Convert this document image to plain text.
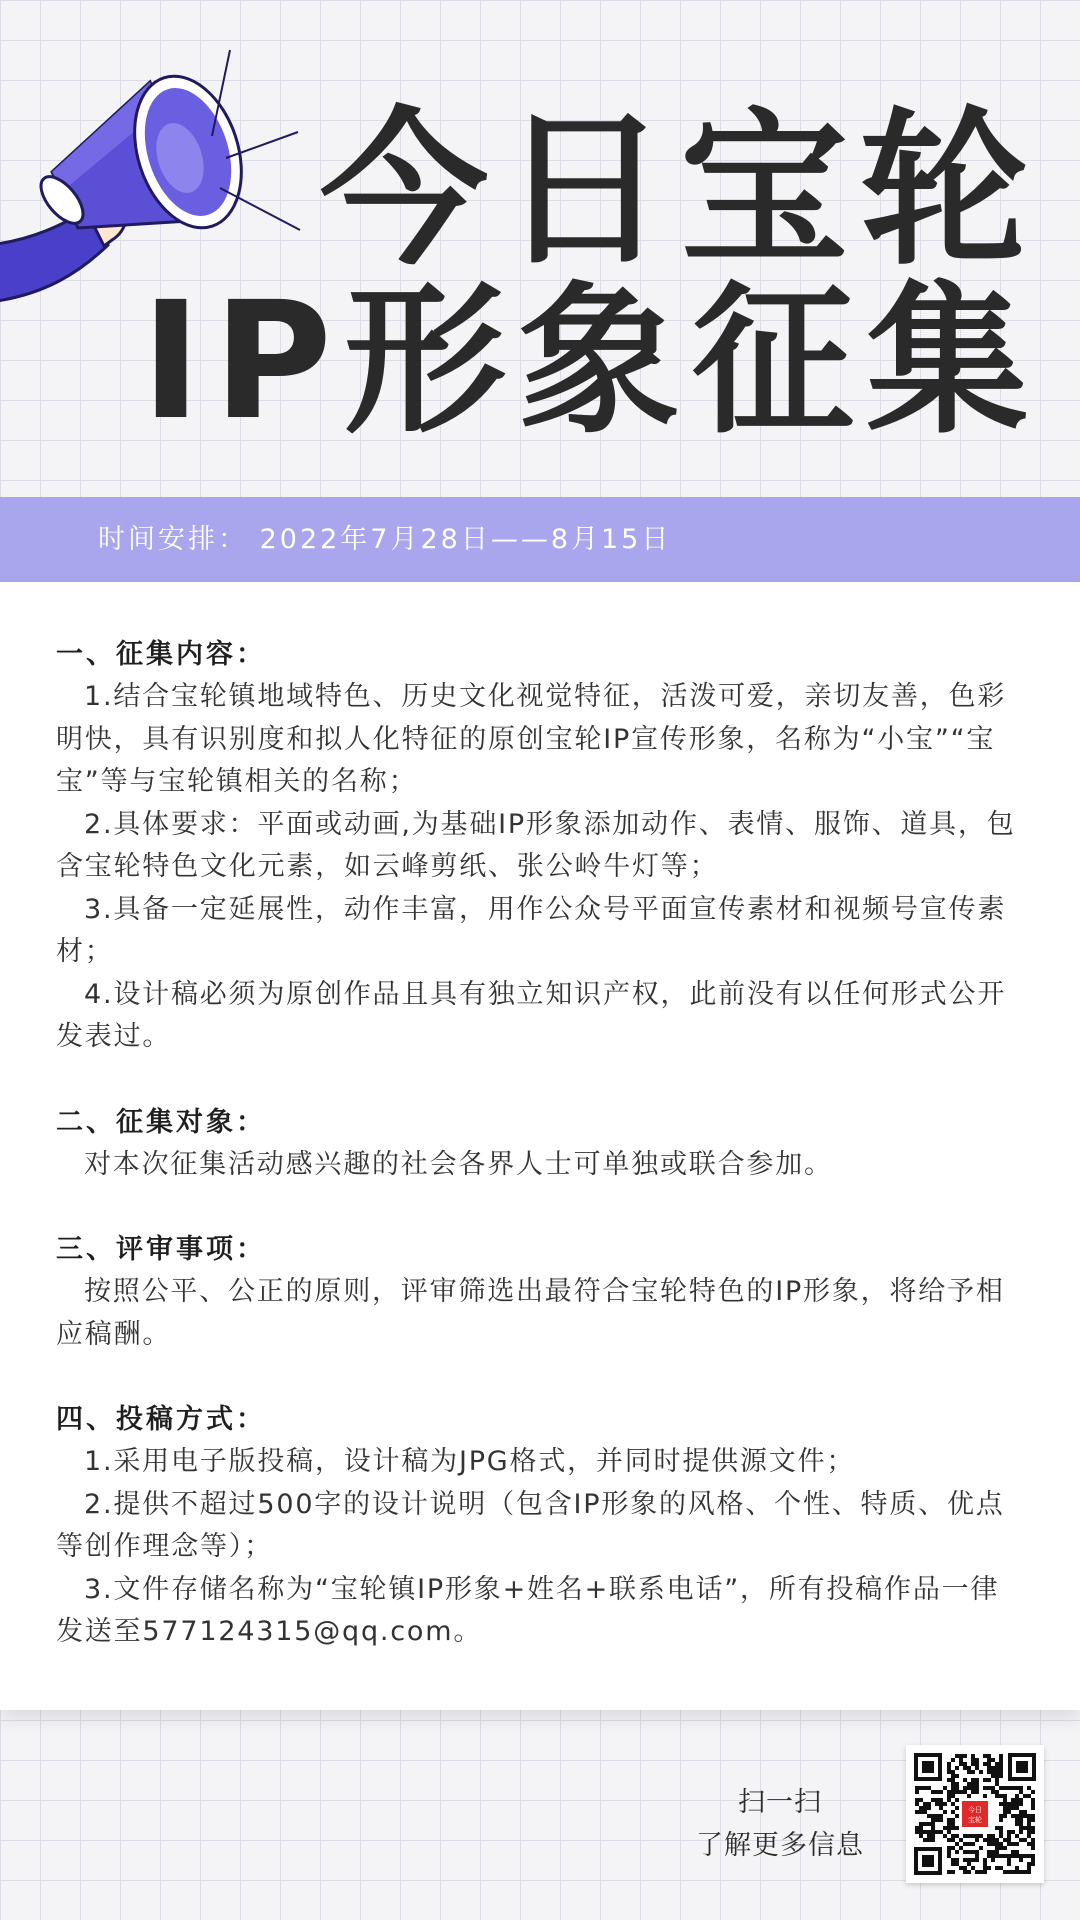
今日宝轮
IP形象征集
时间安排： 2022年7月28日——8月15日

一、征集内容：

1.结合宝轮镇地域特色、历史文化视觉特征，活泼可爱，亲切友善，色彩明快，具有识别度和拟人化特征的原创宝轮IP宣传形象，名称为“小宝”“宝宝”等与宝轮镇相关的名称；

2.具体要求：平面或动画,为基础IP形象添加动作、表情、服饰、道具，包含宝轮特色文化元素，如云峰剪纸、张公岭牛灯等；

3.具备一定延展性，动作丰富，用作公众号平面宣传素材和视频号宣传素材；

4.设计稿必须为原创作品且具有独立知识产权，此前没有以任何形式公开发表过。

二、征集对象：

对本次征集活动感兴趣的社会各界人士可单独或联合参加。

三、评审事项：

按照公平、公正的原则，评审筛选出最符合宝轮特色的IP形象，将给予相应稿酬。

四、投稿方式：

1.采用电子版投稿，设计稿为JPG格式，并同时提供源文件；

2.提供不超过500字的设计说明（包含IP形象的风格、个性、特质、优点等创作理念等）；

3.文件存储名称为“宝轮镇IP形象+姓名+联系电话”，所有投稿作品一律发送至577124315@qq.com。

扫一扫
了解更多信息
今日
宝轮
